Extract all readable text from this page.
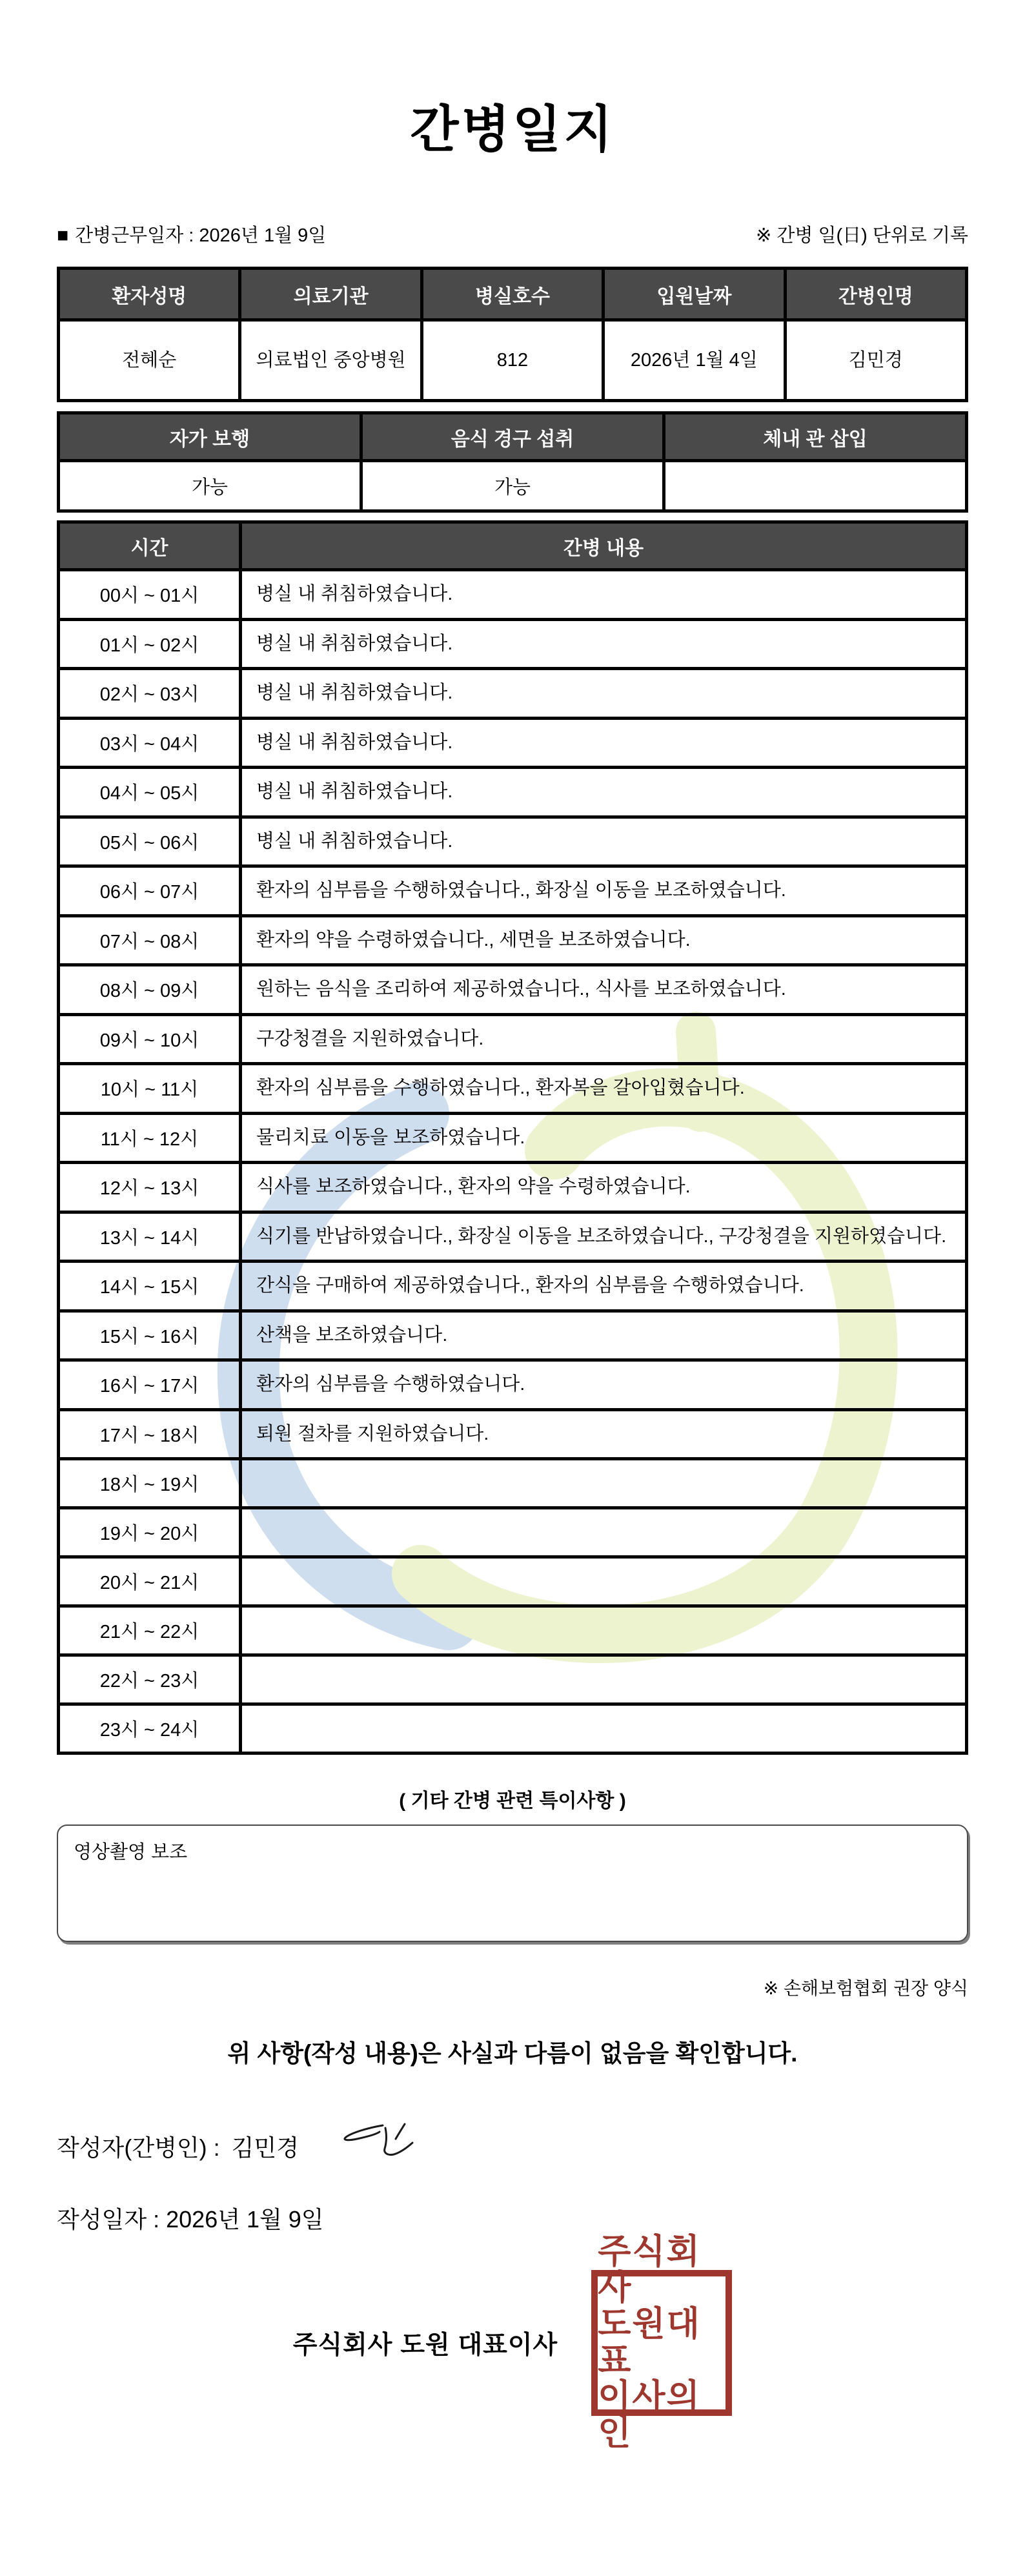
간병일지
■ 간병근무일자 : 2026년 1월 9일	※ 간병 일(日) 단위로 기록
환자성명	의료기관	병실호수	입원날짜	간병인명
전혜순	의료법인 중앙병원	812	2026년 1월 4일	김민경
자가 보행	음식 경구 섭취	체내 관 삽입
가능	가능	
시간	간병 내용
00시 ~ 01시	병실 내 취침하였습니다.
01시 ~ 02시	병실 내 취침하였습니다.
02시 ~ 03시	병실 내 취침하였습니다.
03시 ~ 04시	병실 내 취침하였습니다.
04시 ~ 05시	병실 내 취침하였습니다.
05시 ~ 06시	병실 내 취침하였습니다.
06시 ~ 07시	환자의 심부름을 수행하였습니다., 화장실 이동을 보조하였습니다.
07시 ~ 08시	환자의 약을 수령하였습니다., 세면을 보조하였습니다.
08시 ~ 09시	원하는 음식을 조리하여 제공하였습니다., 식사를 보조하였습니다.
09시 ~ 10시	구강청결을 지원하였습니다.
10시 ~ 11시	환자의 심부름을 수행하였습니다., 환자복을 갈아입혔습니다.
11시 ~ 12시	물리치료 이동을 보조하였습니다.
12시 ~ 13시	식사를 보조하였습니다., 환자의 약을 수령하였습니다.
13시 ~ 14시	식기를 반납하였습니다., 화장실 이동을 보조하였습니다., 구강청결을 지원하였습니다.
14시 ~ 15시	간식을 구매하여 제공하였습니다., 환자의 심부름을 수행하였습니다.
15시 ~ 16시	산책을 보조하였습니다.
16시 ~ 17시	환자의 심부름을 수행하였습니다.
17시 ~ 18시	퇴원 절차를 지원하였습니다.
18시 ~ 19시	
19시 ~ 20시	
20시 ~ 21시	
21시 ~ 22시	
22시 ~ 23시	
23시 ~ 24시	
( 기타 간병 관련 특이사항 )
영상촬영 보조
※ 손해보험협회 권장 양식
위 사항(작성 내용)은 사실과 다름이 없음을 확인합니다.
작성자(간병인) : 김민경
작성일자 : 2026년 1월 9일
주식회사 도원 대표이사
주식회사
도원대표
이사의인
